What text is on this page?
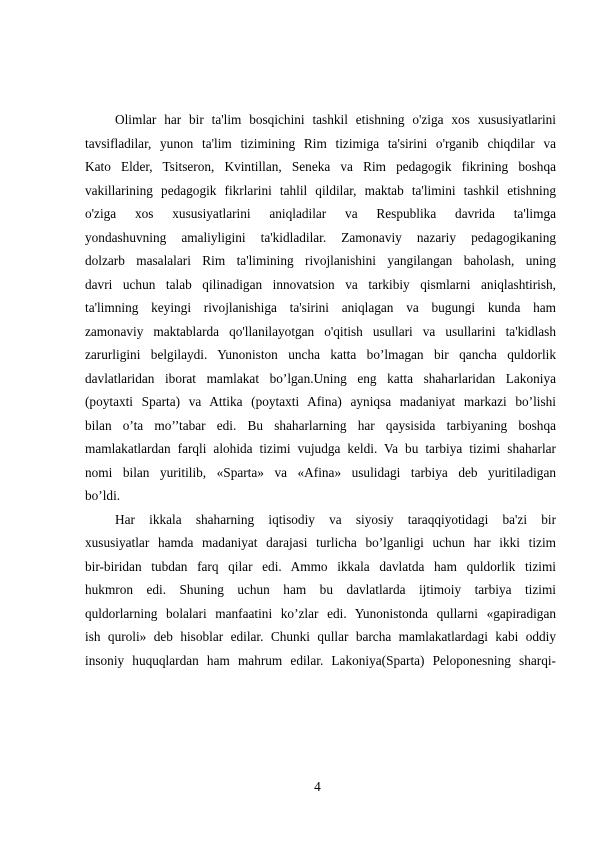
Olimlar har bir ta'lim bosqichini tashkil etishning o'ziga xos xususiyatlarini
tavsifladilar, yunon ta'lim tizimining Rim tizimiga ta'sirini o'rganib chiqdilar va
Kato Elder, Tsitseron, Kvintillan, Seneka va Rim pedagogik fikrining boshqa
vakillarining pedagogik fikrlarini tahlil qildilar, maktab ta'limini tashkil etishning
o'ziga xos xususiyatlarini aniqladilar va Respublika davrida ta'limga
yondashuvning amaliyligini ta'kidladilar. Zamonaviy nazariy pedagogikaning
dolzarb masalalari Rim ta'limining rivojlanishini yangilangan baholash, uning
davri uchun talab qilinadigan innovatsion va tarkibiy qismlarni aniqlashtirish,
ta'limning keyingi rivojlanishiga ta'sirini aniqlagan va bugungi kunda ham
zamonaviy maktablarda qo'llanilayotgan o'qitish usullari va usullarini ta'kidlash
zarurligini belgilaydi. Yunoniston uncha katta bo’lmagan bir qancha quldorlik
davlatlaridan iborat mamlakat bo’lgan.Uning eng katta shaharlaridan Lakoniya
(poytaxti Sparta) va Attika (poytaxti Afina) ayniqsa madaniyat markazi bo’lishi
bilan o’ta mo’’tabar edi. Bu shaharlarning har qaysisida tarbiyaning boshqa
mamlakatlardan farqli alohida tizimi vujudga keldi. Va bu tarbiya tizimi shaharlar
nomi bilan yuritilib, «Sparta» va «Afina» usulidagi tarbiya deb yuritiladigan
bo’ldi.
Har ikkala shaharning iqtisodiy va siyosiy taraqqiyotidagi ba'zi bir
xususiyatlar hamda madaniyat darajasi turlicha bo’lganligi uchun har ikki tizim
bir-biridan tubdan farq qilar edi. Ammo ikkala davlatda ham quldorlik tizimi
hukmron edi. Shuning uchun ham bu davlatlarda ijtimoiy tarbiya tizimi
quldorlarning bolalari manfaatini ko’zlar edi. Yunonistonda qullarni «gapiradigan
ish quroli» deb hisoblar edilar. Chunki qullar barcha mamlakatlardagi kabi oddiy
insoniy huquqlardan ham mahrum edilar. Lakoniya(Sparta) Peloponesning sharqi-
4
